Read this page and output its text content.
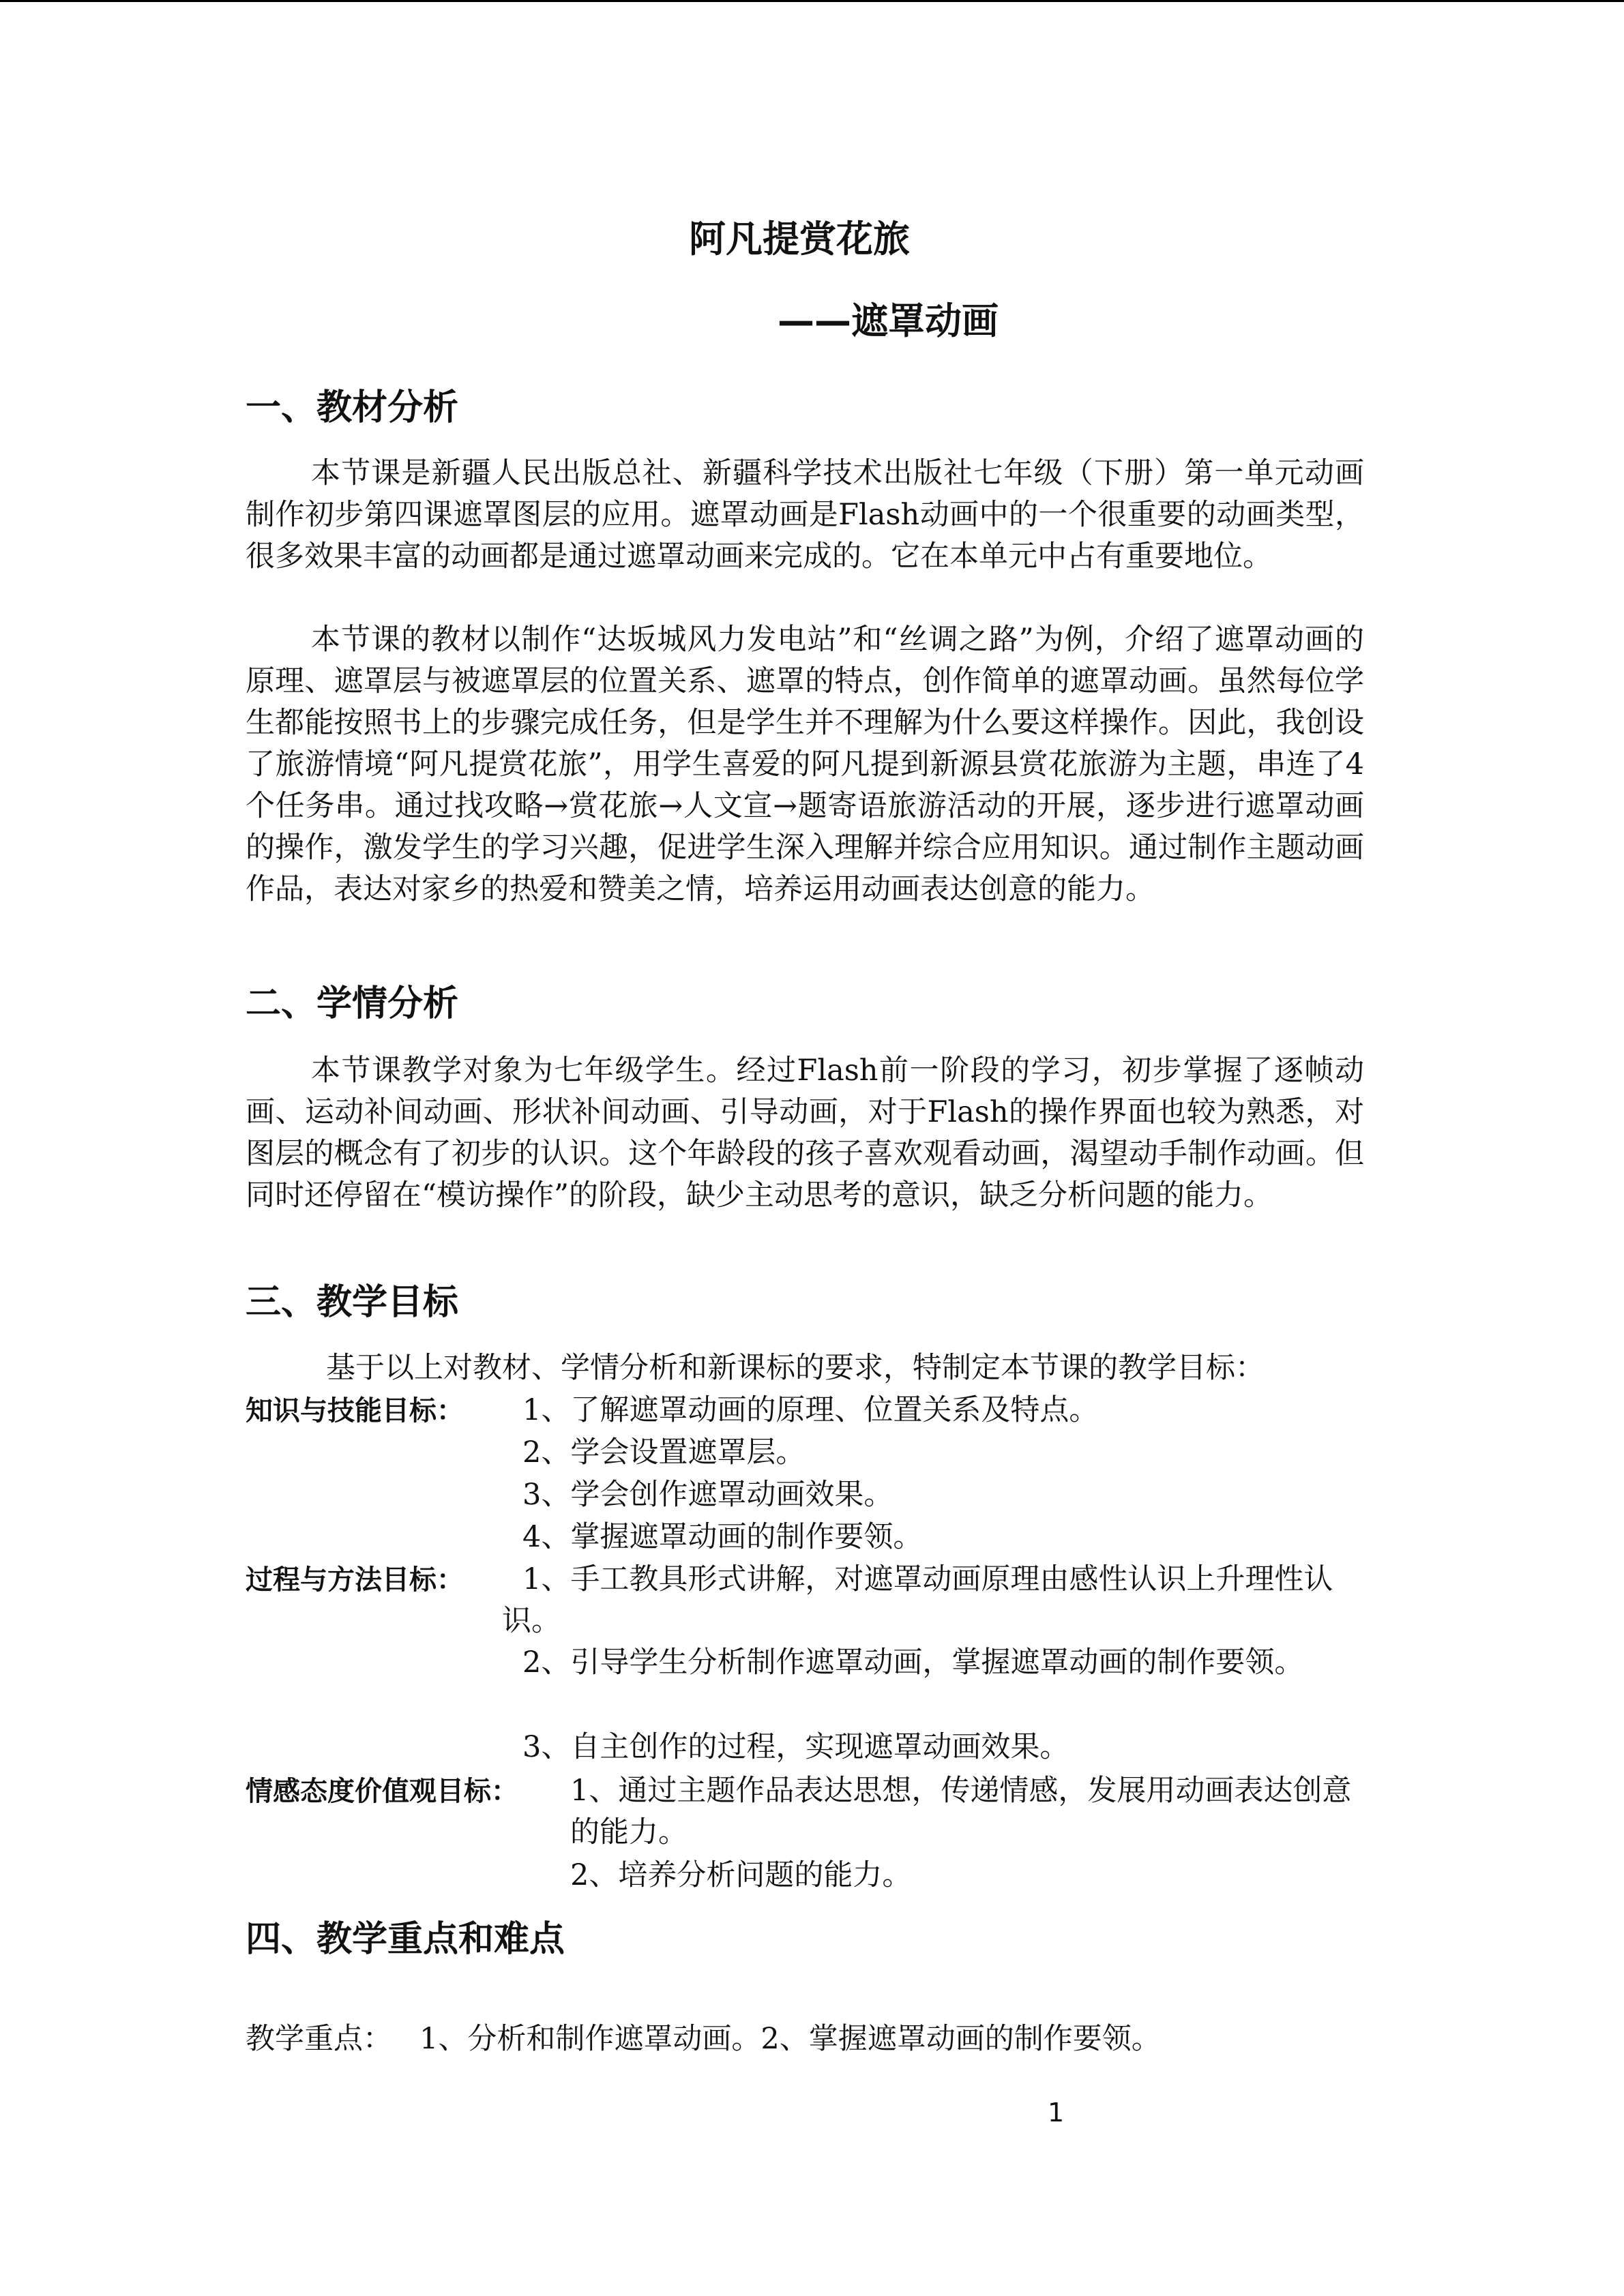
阿凡提赏花旅
——遮罩动画
一、教材分析

本节课是新疆人民出版总社、新疆科学技术出版社七年级（下册）第一单元动画制作初步第四课遮罩图层的应用。遮罩动画是Flash动画中的一个很重要的动画类型，很多效果丰富的动画都是通过遮罩动画来完成的。它在本单元中占有重要地位。

本节课的教材以制作“达坂城风力发电站”和“丝调之路”为例，介绍了遮罩动画的原理、遮罩层与被遮罩层的位置关系、遮罩的特点，创作简单的遮罩动画。虽然每位学生都能按照书上的步骤完成任务，但是学生并不理解为什么要这样操作。因此，我创设了旅游情境“阿凡提赏花旅”，用学生喜爱的阿凡提到新源县赏花旅游为主题，串连了4个任务串。通过找攻略→赏花旅→人文宣→题寄语旅游活动的开展，逐步进行遮罩动画的操作，激发学生的学习兴趣，促进学生深入理解并综合应用知识。通过制作主题动画作品，表达对家乡的热爱和赞美之情，培养运用动画表达创意的能力。

二、学情分析

本节课教学对象为七年级学生。经过Flash前一阶段的学习，初步掌握了逐帧动画、运动补间动画、形状补间动画、引导动画，对于Flash的操作界面也较为熟悉，对图层的概念有了初步的认识。这个年龄段的孩子喜欢观看动画，渴望动手制作动画。但同时还停留在“模访操作”的阶段，缺少主动思考的意识，缺乏分析问题的能力。

三、教学目标
基于以上对教材、学情分析和新课标的要求，特制定本节课的教学目标：
知识与技能目标： 1、了解遮罩动画的原理、位置关系及特点。
2、学会设置遮罩层。
3、学会创作遮罩动画效果。
4、掌握遮罩动画的制作要领。
过程与方法目标：	1、手工教具形式讲解，对遮罩动画原理由感性认识上升理性认识。
2、引导学生分析制作遮罩动画，掌握遮罩动画的制作要领。
3、自主创作的过程，实现遮罩动画效果。
情感态度价值观目标： 1、通过主题作品表达思想，传递情感，发展用动画表达创意的能力。
2、培养分析问题的能力。
四、教学重点和难点
教学重点： 1、分析和制作遮罩动画。2、掌握遮罩动画的制作要领。
1
